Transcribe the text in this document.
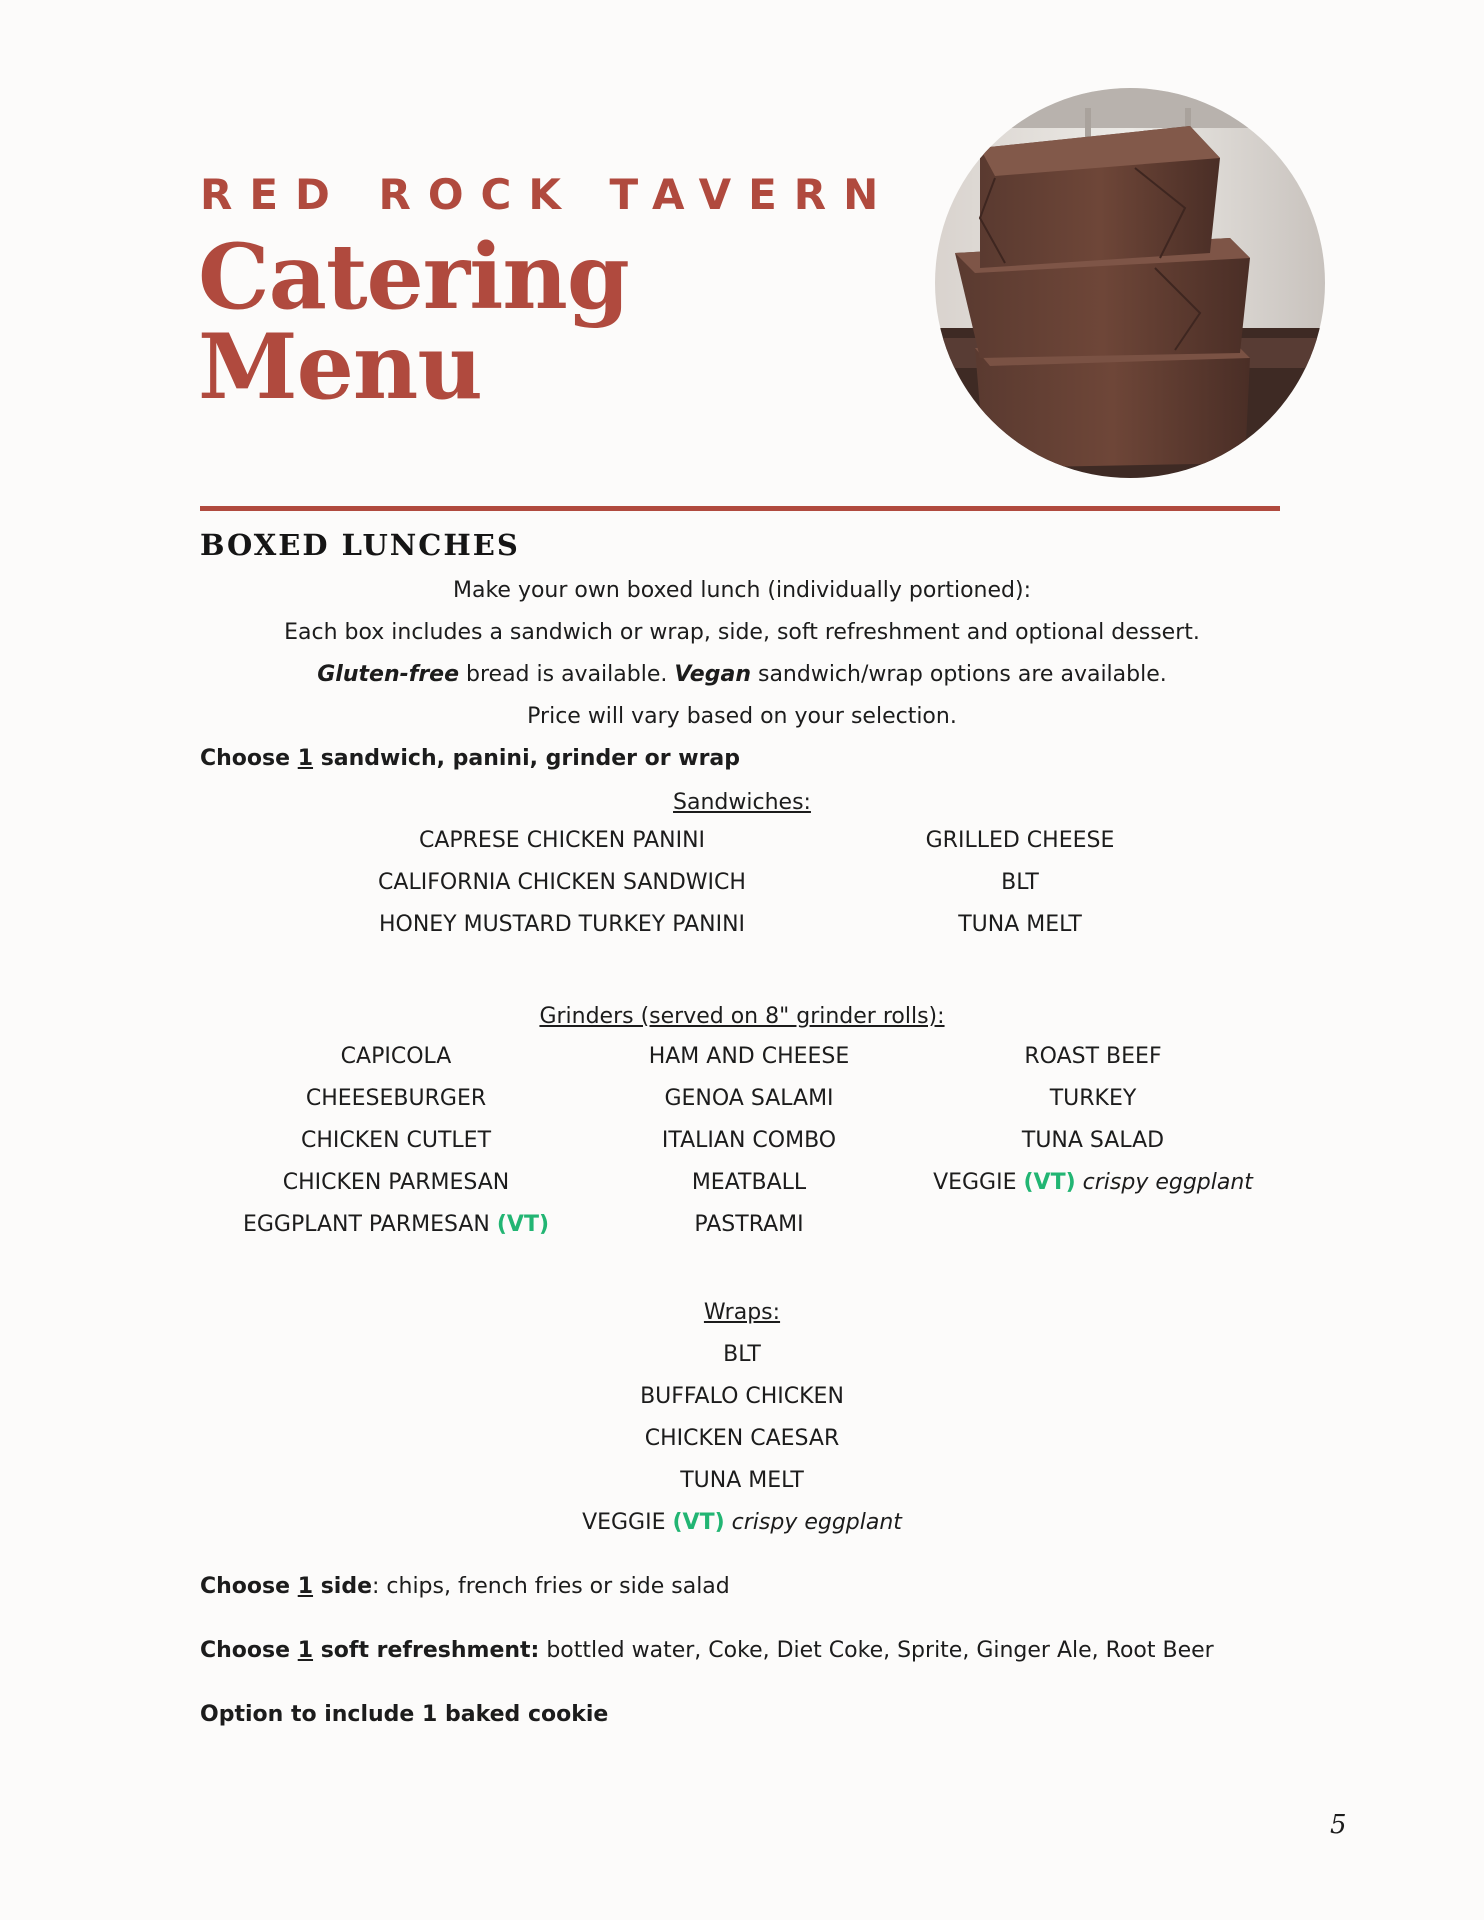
RED ROCK TAVERN
Catering
Menu
BOXED LUNCHES
Make your own boxed lunch (individually portioned):
Each box includes a sandwich or wrap, side, soft refreshment and optional dessert.
Gluten-free bread is available. Vegan sandwich/wrap options are available.
Price will vary based on your selection.
Choose 1 sandwich, panini, grinder or wrap
Sandwiches:
CAPRESE CHICKEN PANINI
CALIFORNIA CHICKEN SANDWICH
HONEY MUSTARD TURKEY PANINI
GRILLED CHEESE
BLT
TUNA MELT
Grinders (served on 8" grinder rolls):
CAPICOLA
CHEESEBURGER
CHICKEN CUTLET
CHICKEN PARMESAN
EGGPLANT PARMESAN (VT)
HAM AND CHEESE
GENOA SALAMI
ITALIAN COMBO
MEATBALL
PASTRAMI
ROAST BEEF
TURKEY
TUNA SALAD
VEGGIE (VT) crispy eggplant
Wraps:
BLT
BUFFALO CHICKEN
CHICKEN CAESAR
TUNA MELT
VEGGIE (VT) crispy eggplant
Choose 1 side: chips, french fries or side salad
Choose 1 soft refreshment: bottled water, Coke, Diet Coke, Sprite, Ginger Ale, Root Beer
Option to include 1 baked cookie
5
